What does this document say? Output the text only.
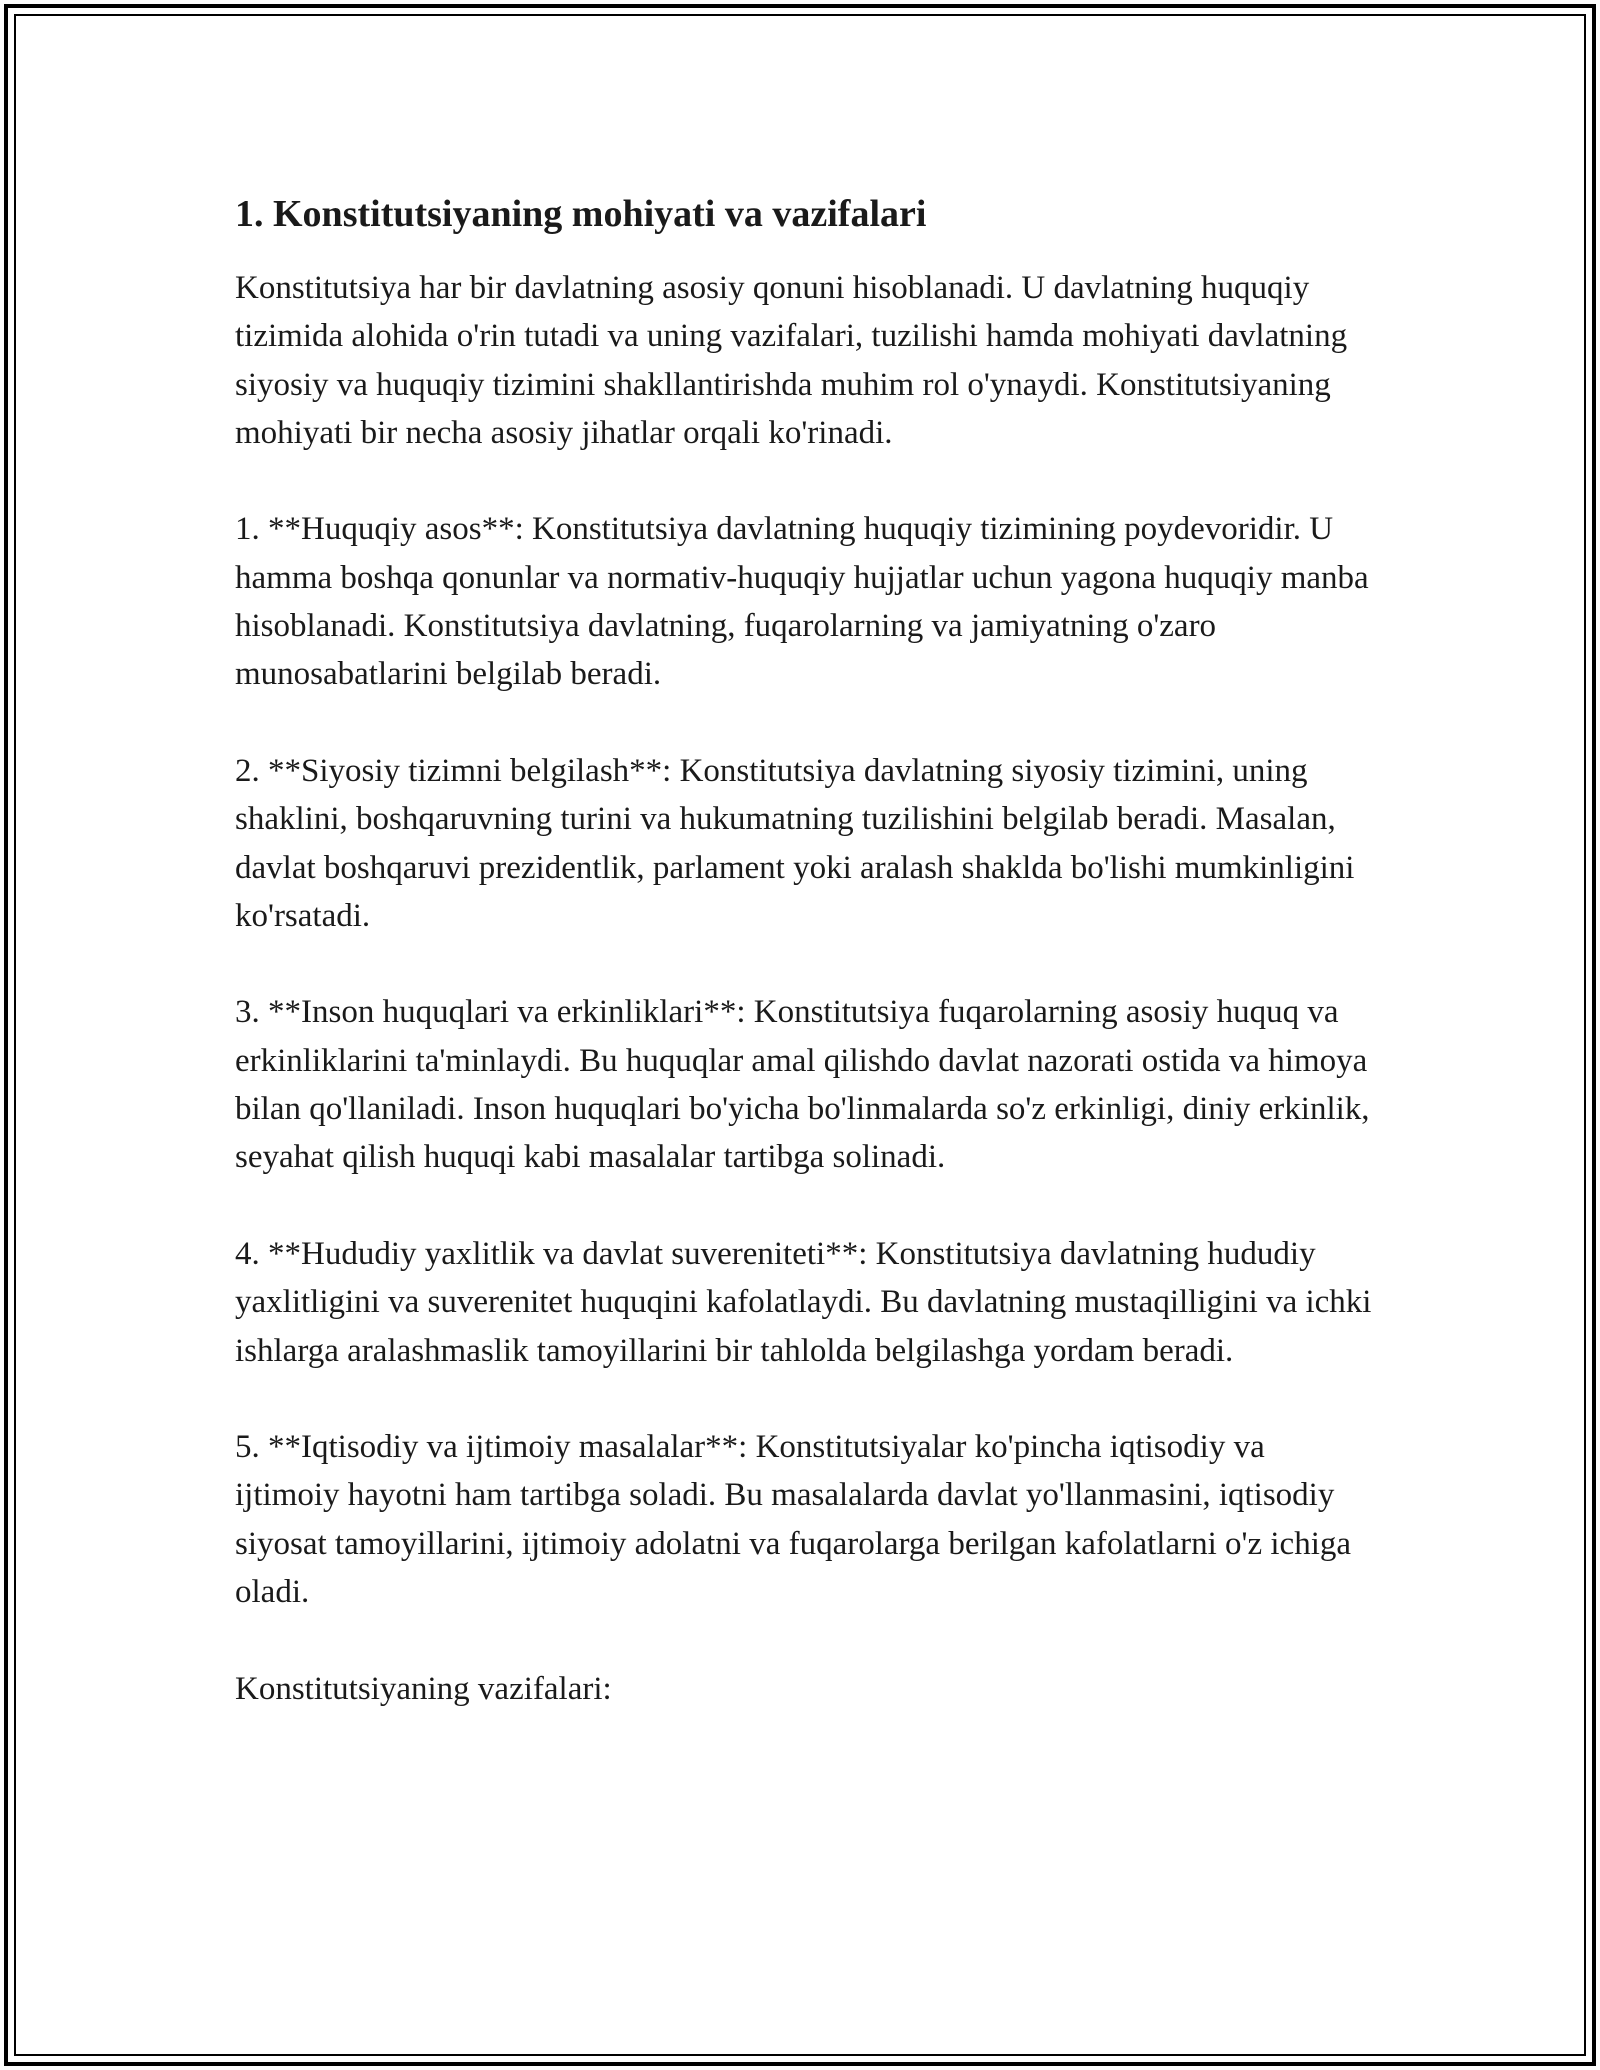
1. Konstitutsiyaning mohiyati va vazifalari

Konstitutsiya har bir davlatning asosiy qonuni hisoblanadi. U davlatning huquqiy tizimida alohida o'rin tutadi va uning vazifalari, tuzilishi hamda mohiyati davlatning siyosiy va huquqiy tizimini shakllantirishda muhim rol o'ynaydi. Konstitutsiyaning mohiyati bir necha asosiy jihatlar orqali ko'rinadi.

1. **Huquqiy asos**: Konstitutsiya davlatning huquqiy tizimining poydevoridir. U hamma boshqa qonunlar va normativ-huquqiy hujjatlar uchun yagona huquqiy manba hisoblanadi. Konstitutsiya davlatning, fuqarolarning va jamiyatning o'zaro munosabatlarini belgilab beradi.

2. **Siyosiy tizimni belgilash**: Konstitutsiya davlatning siyosiy tizimini, uning shaklini, boshqaruvning turini va hukumatning tuzilishini belgilab beradi. Masalan, davlat boshqaruvi prezidentlik, parlament yoki aralash shaklda bo'lishi mumkinligini ko'rsatadi.

3. **Inson huquqlari va erkinliklari**: Konstitutsiya fuqarolarning asosiy huquq va erkinliklarini ta'minlaydi. Bu huquqlar amal qilishdo davlat nazorati ostida va himoya bilan qo'llaniladi. Inson huquqlari bo'yicha bo'linmalarda so'z erkinligi, diniy erkinlik, seyahat qilish huquqi kabi masalalar tartibga solinadi.

4. **Hududiy yaxlitlik va davlat suvereniteti**: Konstitutsiya davlatning hududiy yaxlitligini va suverenitet huquqini kafolatlaydi. Bu davlatning mustaqilligini va ichki ishlarga aralashmaslik tamoyillarini bir tahlolda belgilashga yordam beradi.

5. **Iqtisodiy va ijtimoiy masalalar**: Konstitutsiyalar ko'pincha iqtisodiy va ijtimoiy hayotni ham tartibga soladi. Bu masalalarda davlat yo'llanmasini, iqtisodiy siyosat tamoyillarini, ijtimoiy adolatni va fuqarolarga berilgan kafolatlarni o'z ichiga oladi.

Konstitutsiyaning vazifalari:
